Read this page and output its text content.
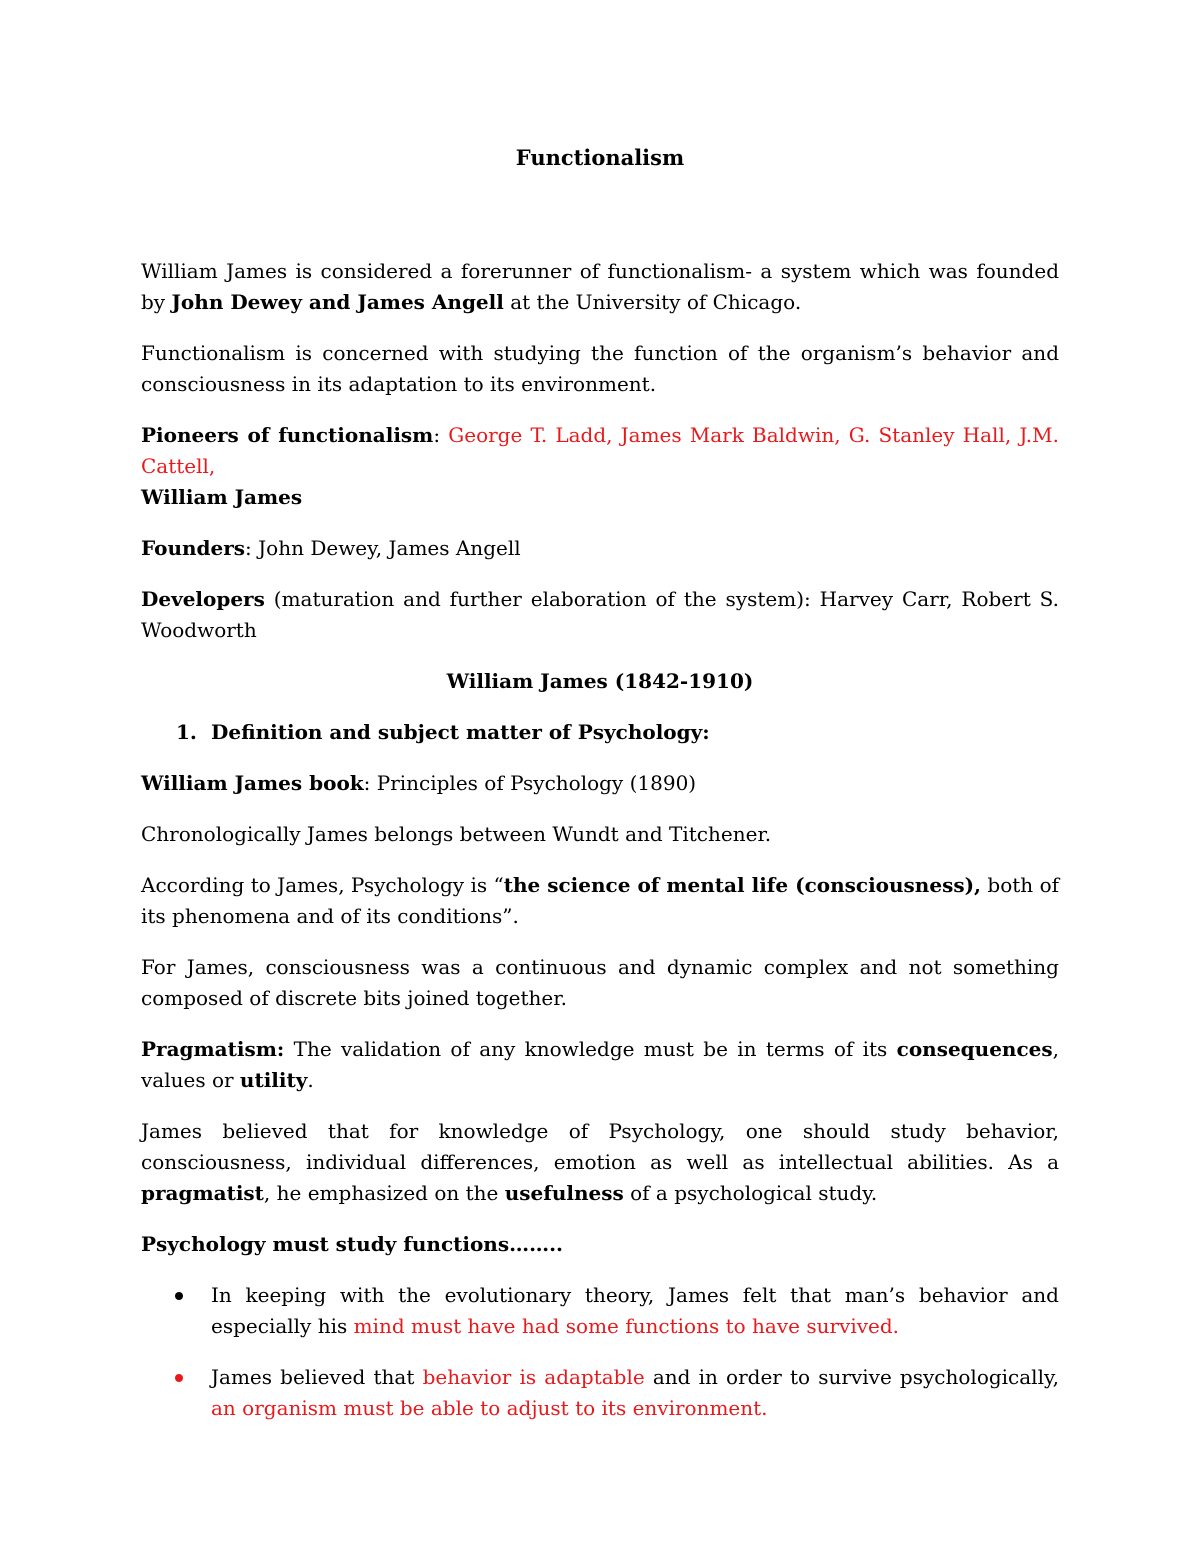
Functionalism

William James is considered a forerunner of functionalism- a system which was founded by John Dewey and James Angell at the University of Chicago.

Functionalism is concerned with studying the function of the organism’s behavior and consciousness in its adaptation to its environment.

Pioneers of functionalism: George T. Ladd, James Mark Baldwin, G. Stanley Hall, J.M. Cattell,
William James

Founders: John Dewey, James Angell

Developers (maturation and further elaboration of the system): Harvey Carr, Robert S. Woodworth

William James (1842-1910)
1. Definition and subject matter of Psychology:

William James book: Principles of Psychology (1890)

Chronologically James belongs between Wundt and Titchener.

According to James, Psychology is “the science of mental life (consciousness), both of its phenomena and of its conditions”.

For James, consciousness was a continuous and dynamic complex and not something composed of discrete bits joined together.

Pragmatism: The validation of any knowledge must be in terms of its consequences, values or utility.

James believed that for knowledge of Psychology, one should study behavior, consciousness, individual differences, emotion as well as intellectual abilities. As a pragmatist, he emphasized on the usefulness of a psychological study.

Psychology must study functions……..

In keeping with the evolutionary theory, James felt that man’s behavior and especially his mind must have had some functions to have survived.
James believed that behavior is adaptable and in order to survive psychologically, an organism must be able to adjust to its environment.
